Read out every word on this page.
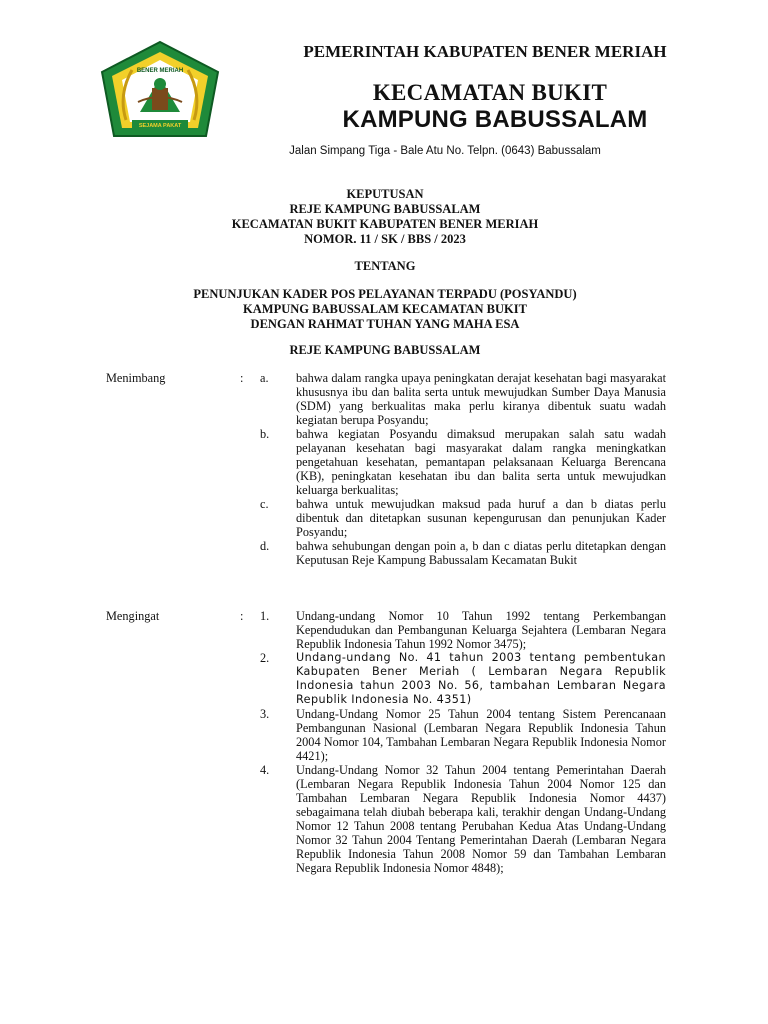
BENER MERIAH
SEJAMA PAKAT
PEMERINTAH KABUPATEN BENER MERIAH
KECAMATAN BUKIT
KAMPUNG BABUSSALAM
Jalan Simpang Tiga - Bale Atu No. Telpn. (0643) Babussalam
KEPUTUSAN
REJE KAMPUNG BABUSSALAM
KECAMATAN BUKIT KABUPATEN BENER MERIAH
NOMOR. 11 / SK / BBS / 2023
TENTANG
PENUNJUKAN KADER POS PELAYANAN TERPADU (POSYANDU)
KAMPUNG BABUSSALAM KECAMATAN BUKIT
DENGAN RAHMAT TUHAN YANG MAHA ESA
REJE KAMPUNG BABUSSALAM
Menimbang	: a. bahwa dalam rangka upaya peningkatan derajat kesehatan bagi masyarakat khususnya ibu dan balita serta untuk mewujudkan Sumber Daya Manusia (SDM) yang berkualitas maka perlu kiranya dibentuk suatu wadah kegiatan berupa Posyandu;
b. bahwa kegiatan Posyandu dimaksud merupakan salah satu wadah pelayanan kesehatan bagi masyarakat dalam rangka meningkatkan pengetahuan kesehatan, pemantapan pelaksanaan Keluarga Berencana (KB), peningkatan kesehatan ibu dan balita serta untuk mewujudkan keluarga berkualitas;
c. bahwa untuk mewujudkan maksud pada huruf a dan b diatas perlu dibentuk dan ditetapkan susunan kepengurusan dan penunjukan Kader Posyandu;
d. bahwa sehubungan dengan poin a, b dan c diatas perlu ditetapkan dengan Keputusan Reje Kampung Babussalam Kecamatan Bukit
Mengingat	: 1. Undang-undang Nomor 10 Tahun 1992 tentang Perkembangan Kependudukan dan Pembangunan Keluarga Sejahtera (Lembaran Negara Republik Indonesia Tahun 1992 Nomor 3475);
2. Undang-undang No. 41 tahun 2003 tentang pembentukan Kabupaten Bener Meriah ( Lembaran Negara Republik Indonesia tahun 2003 No. 56, tambahan Lembaran Negara Republik Indonesia No. 4351)
3. Undang-Undang Nomor 25 Tahun 2004 tentang Sistem Perencanaan Pembangunan Nasional (Lembaran Negara Republik Indonesia Tahun 2004 Nomor 104, Tambahan Lembaran Negara Republik Indonesia Nomor 4421);
4. Undang-Undang Nomor 32 Tahun 2004 tentang Pemerintahan Daerah (Lembaran Negara Republik Indonesia Tahun 2004 Nomor 125 dan Tambahan Lembaran Negara Republik Indonesia Nomor 4437) sebagaimana telah diubah beberapa kali, terakhir dengan Undang-Undang Nomor 12 Tahun 2008 tentang Perubahan Kedua Atas Undang-Undang Nomor 32 Tahun 2004 Tentang Pemerintahan Daerah (Lembaran Negara Republik Indonesia Tahun 2008 Nomor 59 dan Tambahan Lembaran Negara Republik Indonesia Nomor 4848);
